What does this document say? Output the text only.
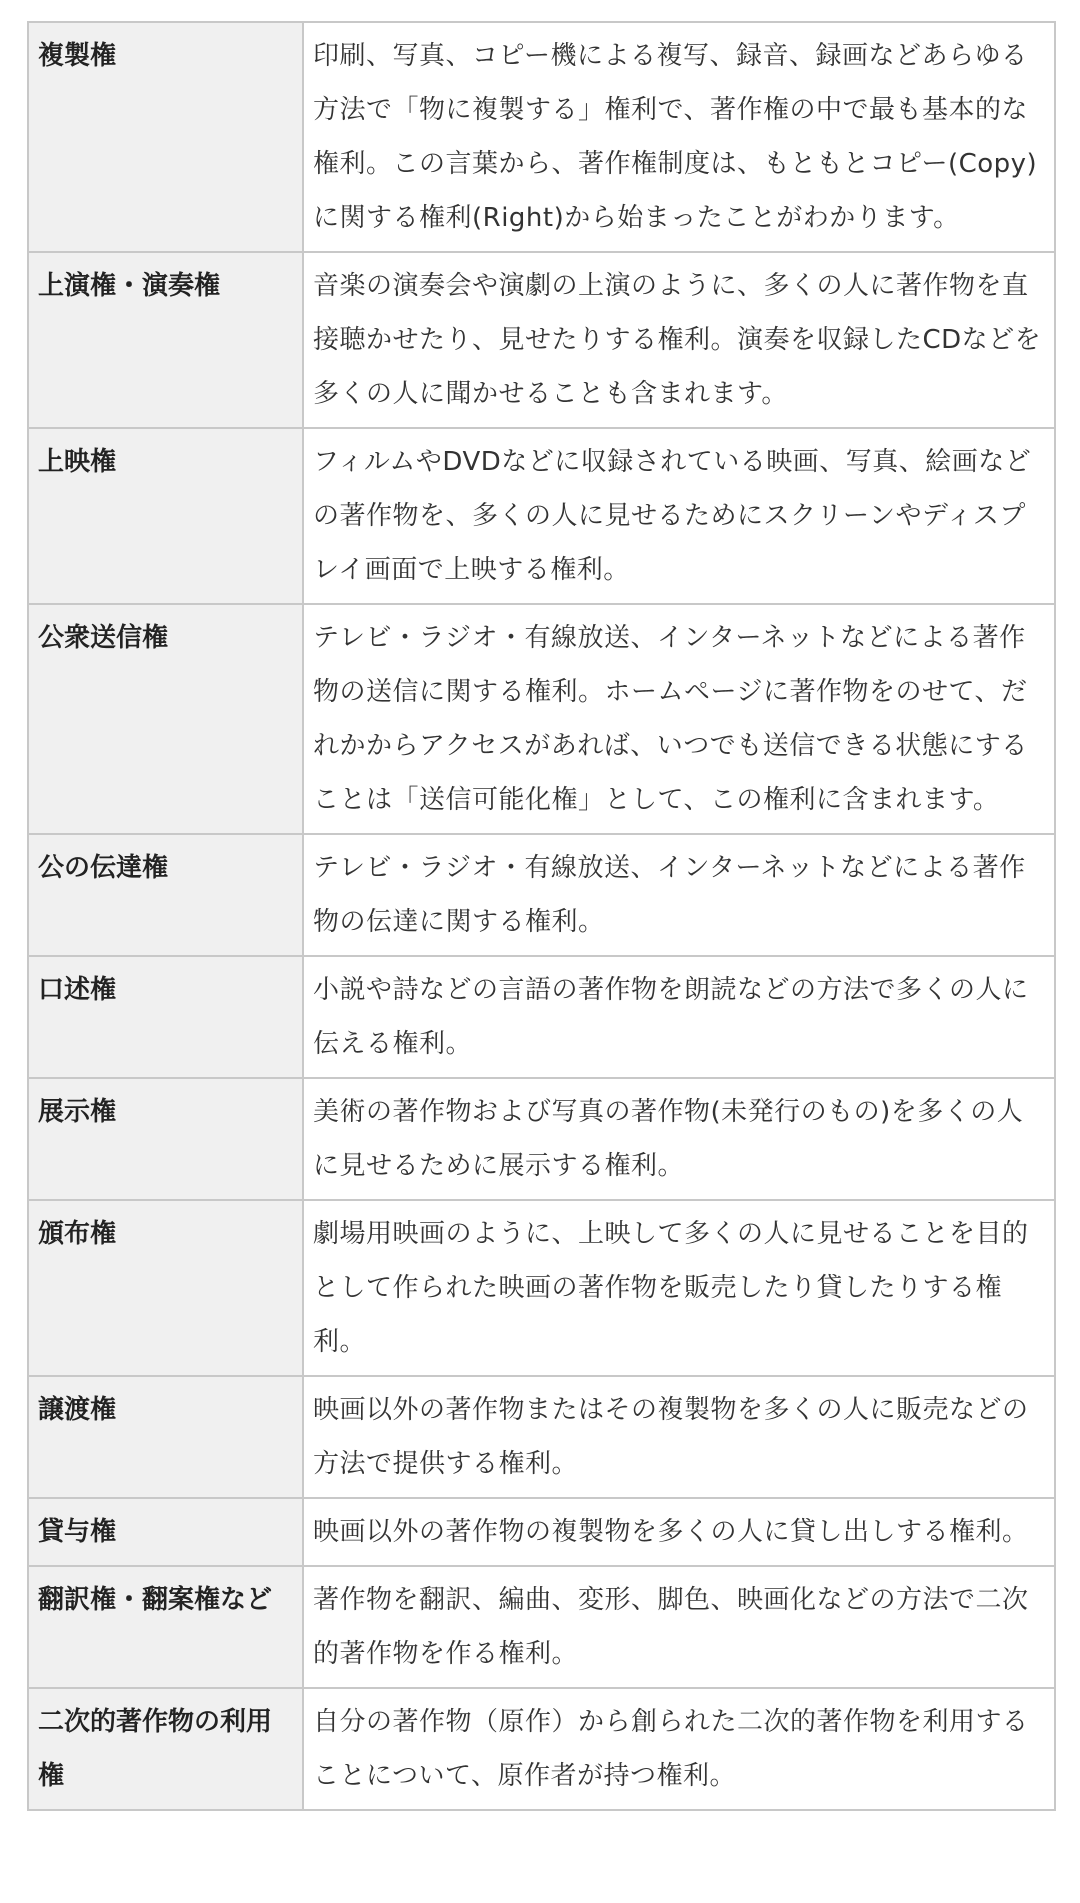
複製権	印刷、写真、コピー機による複写、録音、録画などあらゆる方法で「物に複製する」権利で、著作権の中で最も基本的な権利。この言葉から、著作権制度は、もともとコピー(Copy)に関する権利(Right)から始まったことがわかります。
上演権・演奏権	音楽の演奏会や演劇の上演のように、多くの人に著作物を直接聴かせたり、見せたりする権利。演奏を収録したCDなどを多くの人に聞かせることも含まれます。
上映権	フィルムやDVDなどに収録されている映画、写真、絵画などの著作物を、多くの人に見せるためにスクリーンやディスプレイ画面で上映する権利。
公衆送信権	テレビ・ラジオ・有線放送、インターネットなどによる著作物の送信に関する権利。ホームページに著作物をのせて、だれかからアクセスがあれば、いつでも送信できる状態にすることは「送信可能化権」として、この権利に含まれます。
公の伝達権	テレビ・ラジオ・有線放送、インターネットなどによる著作物の伝達に関する権利。
口述権	小説や詩などの言語の著作物を朗読などの方法で多くの人に伝える権利。
展示権	美術の著作物および写真の著作物(未発行のもの)を多くの人に見せるために展示する権利。
頒布権	劇場用映画のように、上映して多くの人に見せることを目的として作られた映画の著作物を販売したり貸したりする権利。
譲渡権	映画以外の著作物またはその複製物を多くの人に販売などの方法で提供する権利。
貸与権	映画以外の著作物の複製物を多くの人に貸し出しする権利。
翻訳権・翻案権など	著作物を翻訳、編曲、変形、脚色、映画化などの方法で二次的著作物を作る権利。
二次的著作物の利用権	自分の著作物（原作）から創られた二次的著作物を利用することについて、原作者が持つ権利。
